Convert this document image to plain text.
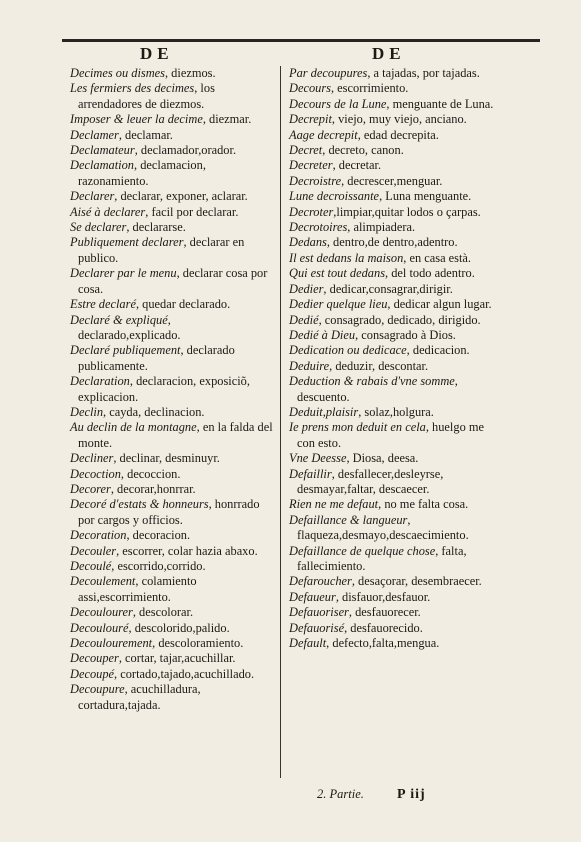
DE	DE

Decimes ou dismes, diezmos.

Les fermiers des decimes, los arrendadores de diezmos.

Imposer & leuer la decime, diezmar.

Declamer, declamar.

Declamateur, declamador,orador.

Declamation, declamacion, razonamiento.

Declarer, declarar, exponer, aclarar.

Aisé à declarer, facil por declarar.

Se declarer, declararse.

Publiquement declarer, declarar en publico.

Declarer par le menu, declarar cosa por cosa.

Estre declaré, quedar declarado.

Declaré & expliqué, declarado,explicado.

Declaré publiquement, declarado publicamente.

Declaration, declaracion, exposiciõ, explicacion.

Declin, cayda, declinacion.

Au declin de la montagne, en la falda del monte.

Decliner, declinar, desminuyr.

Decoction, decoccion.

Decorer, decorar,honrrar.

Decoré d'estats & honneurs, honrrado por cargos y officios.

Decoration, decoracion.

Decouler, escorrer, colar hazia abaxo.

Decoulé, escorrido,corrido.

Decoulement, colamiento assi,escorrimiento.

Decoulourer, descolorar.

Decoulouré, descolorido,palido.

Decoulourement, descoloramiento.

Decouper, cortar, tajar,acuchillar.

Decoupé, cortado,tajado,acuchillado.

Decoupure, acuchilladura, cortadura,tajada.

Par decoupures, a tajadas, por tajadas.

Decours, escorrimiento.

Decours de la Lune, menguante de Luna.

Decrepit, viejo, muy viejo, anciano.

Aage decrepit, edad decrepita.

Decret, decreto, canon.

Decreter, decretar.

Decroistre, decrescer,menguar.

Lune decroissante, Luna menguante.

Decroter,limpiar,quitar lodos o çarpas.

Decrotoires, alimpiadera.

Dedans, dentro,de dentro,adentro.

Il est dedans la maison, en casa està.

Qui est tout dedans, del todo adentro.

Dedier, dedicar,consagrar,dirigir.

Dedier quelque lieu, dedicar algun lugar.

Dedié, consagrado, dedicado, dirigido.

Dedié à Dieu, consagrado à Dios.

Dedication ou dedicace, dedicacion.

Deduire, deduzir, descontar.

Deduction & rabais d'vne somme, descuento.

Deduit,plaisir, solaz,holgura.

Ie prens mon deduit en cela, huelgo me con esto.

Vne Deesse, Diosa, deesa.

Defaillir, desfallecer,desleyrse, desmayar,faltar, descaecer.

Rien ne me defaut, no me falta cosa.

Defaillance & langueur, flaqueza,desmayo,descaecimiento.

Defaillance de quelque chose, falta, fallecimiento.

Defaroucher, desaçorar, desembraеcer.

Defaueur, disfauor,desfauor.

Defauoriser, desfauorecer.

Defauorisé, desfauorecido.

Default, defecto,falta,mengua.

2. Partie. P iij
